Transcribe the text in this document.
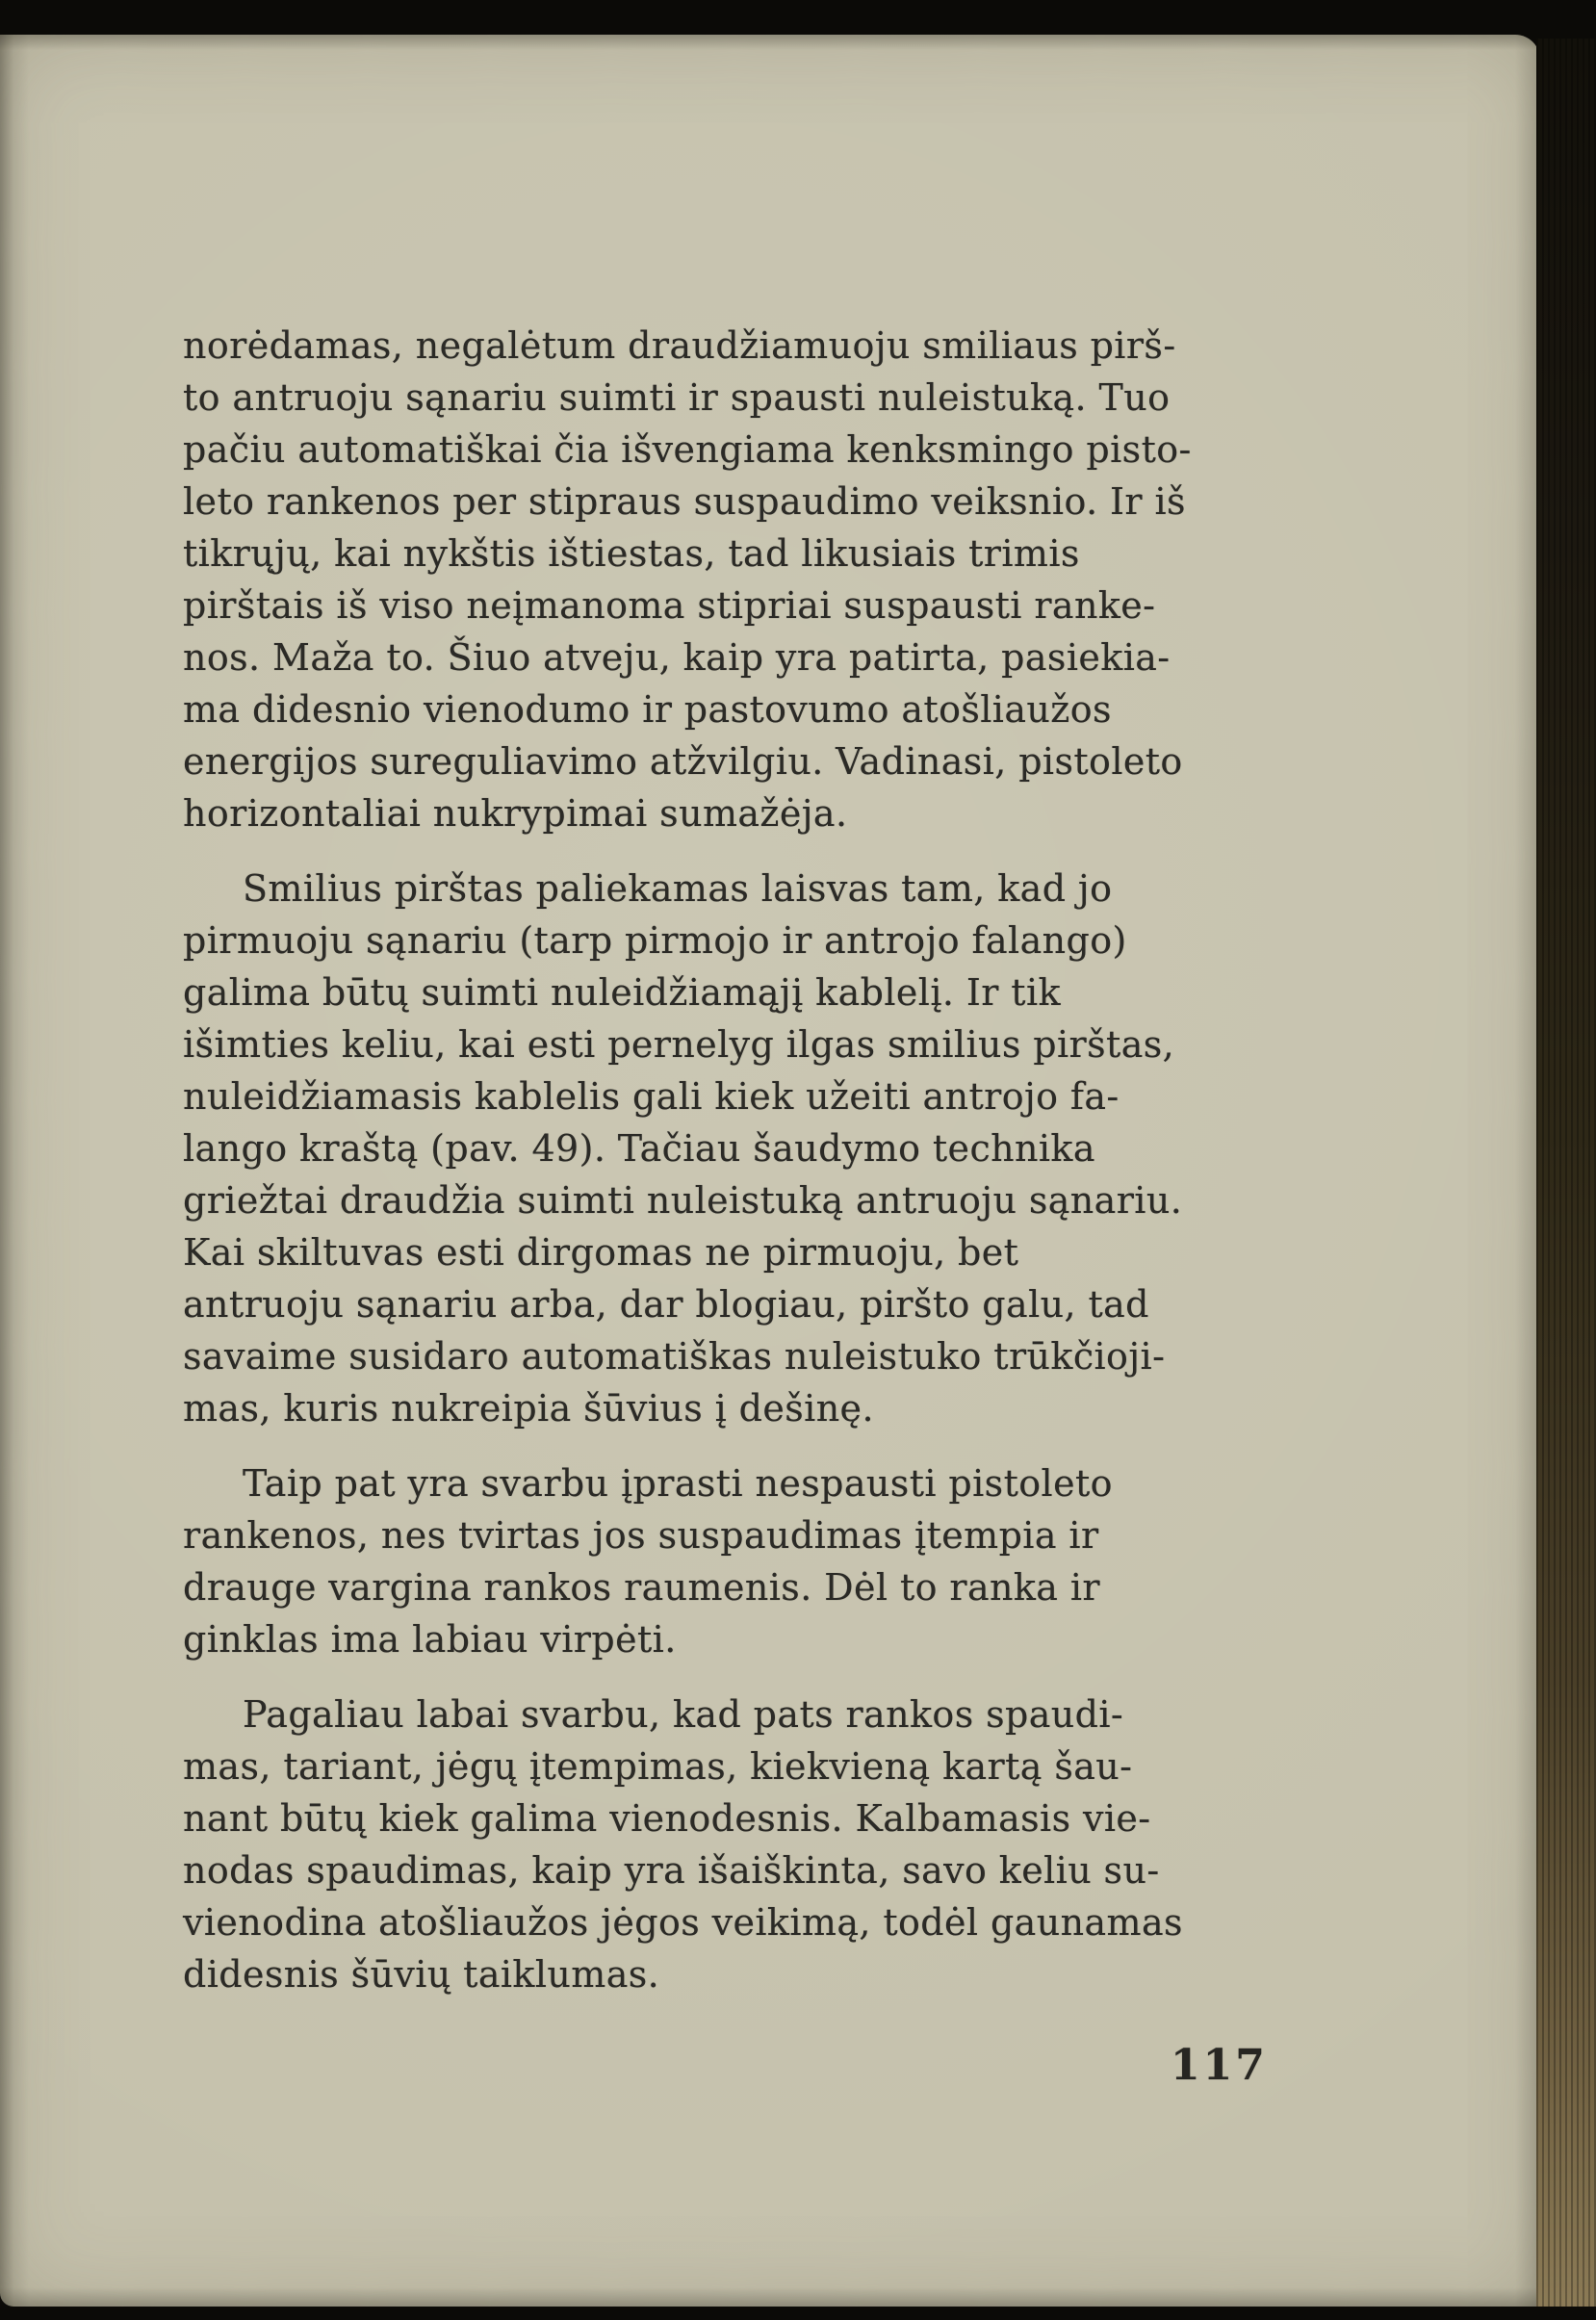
norėdamas, negalėtum draudžiamuoju smiliaus pirš-
to antruoju sąnariu suimti ir spausti nuleistuką. Tuo
pačiu automatiškai čia išvengiama kenksmingo pisto-
leto rankenos per stipraus suspaudimo veiksnio. Ir iš
tikrųjų, kai nykštis ištiestas, tad likusiais trimis
pirštais iš viso neįmanoma stipriai suspausti ranke-
nos. Maža to. Šiuo atveju, kaip yra patirta, pasiekia-
ma didesnio vienodumo ir pastovumo atošliaužos
energijos sureguliavimo atžvilgiu. Vadinasi, pistoleto
horizontaliai nukrypimai sumažėja.
Smilius pirštas paliekamas laisvas tam, kad jo
pirmuoju sąnariu (tarp pirmojo ir antrojo falango)
galima būtų suimti nuleidžiamąjį kablelį. Ir tik
išimties keliu, kai esti pernelyg ilgas smilius pirštas,
nuleidžiamasis kablelis gali kiek užeiti antrojo fa-
lango kraštą (pav. 49). Tačiau šaudymo technika
griežtai draudžia suimti nuleistuką antruoju sąnariu.
Kai skiltuvas esti dirgomas ne pirmuoju, bet
antruoju sąnariu arba, dar blogiau, piršto galu, tad
savaime susidaro automatiškas nuleistuko trūkčioji-
mas, kuris nukreipia šūvius į dešinę.
Taip pat yra svarbu įprasti nespausti pistoleto
rankenos, nes tvirtas jos suspaudimas įtempia ir
drauge vargina rankos raumenis. Dėl to ranka ir
ginklas ima labiau virpėti.
Pagaliau labai svarbu, kad pats rankos spaudi-
mas, tariant, jėgų įtempimas, kiekvieną kartą šau-
nant būtų kiek galima vienodesnis. Kalbamasis vie-
nodas spaudimas, kaip yra išaiškinta, savo keliu su-
vienodina atošliaužos jėgos veikimą, todėl gaunamas
didesnis šūvių taiklumas.
117
